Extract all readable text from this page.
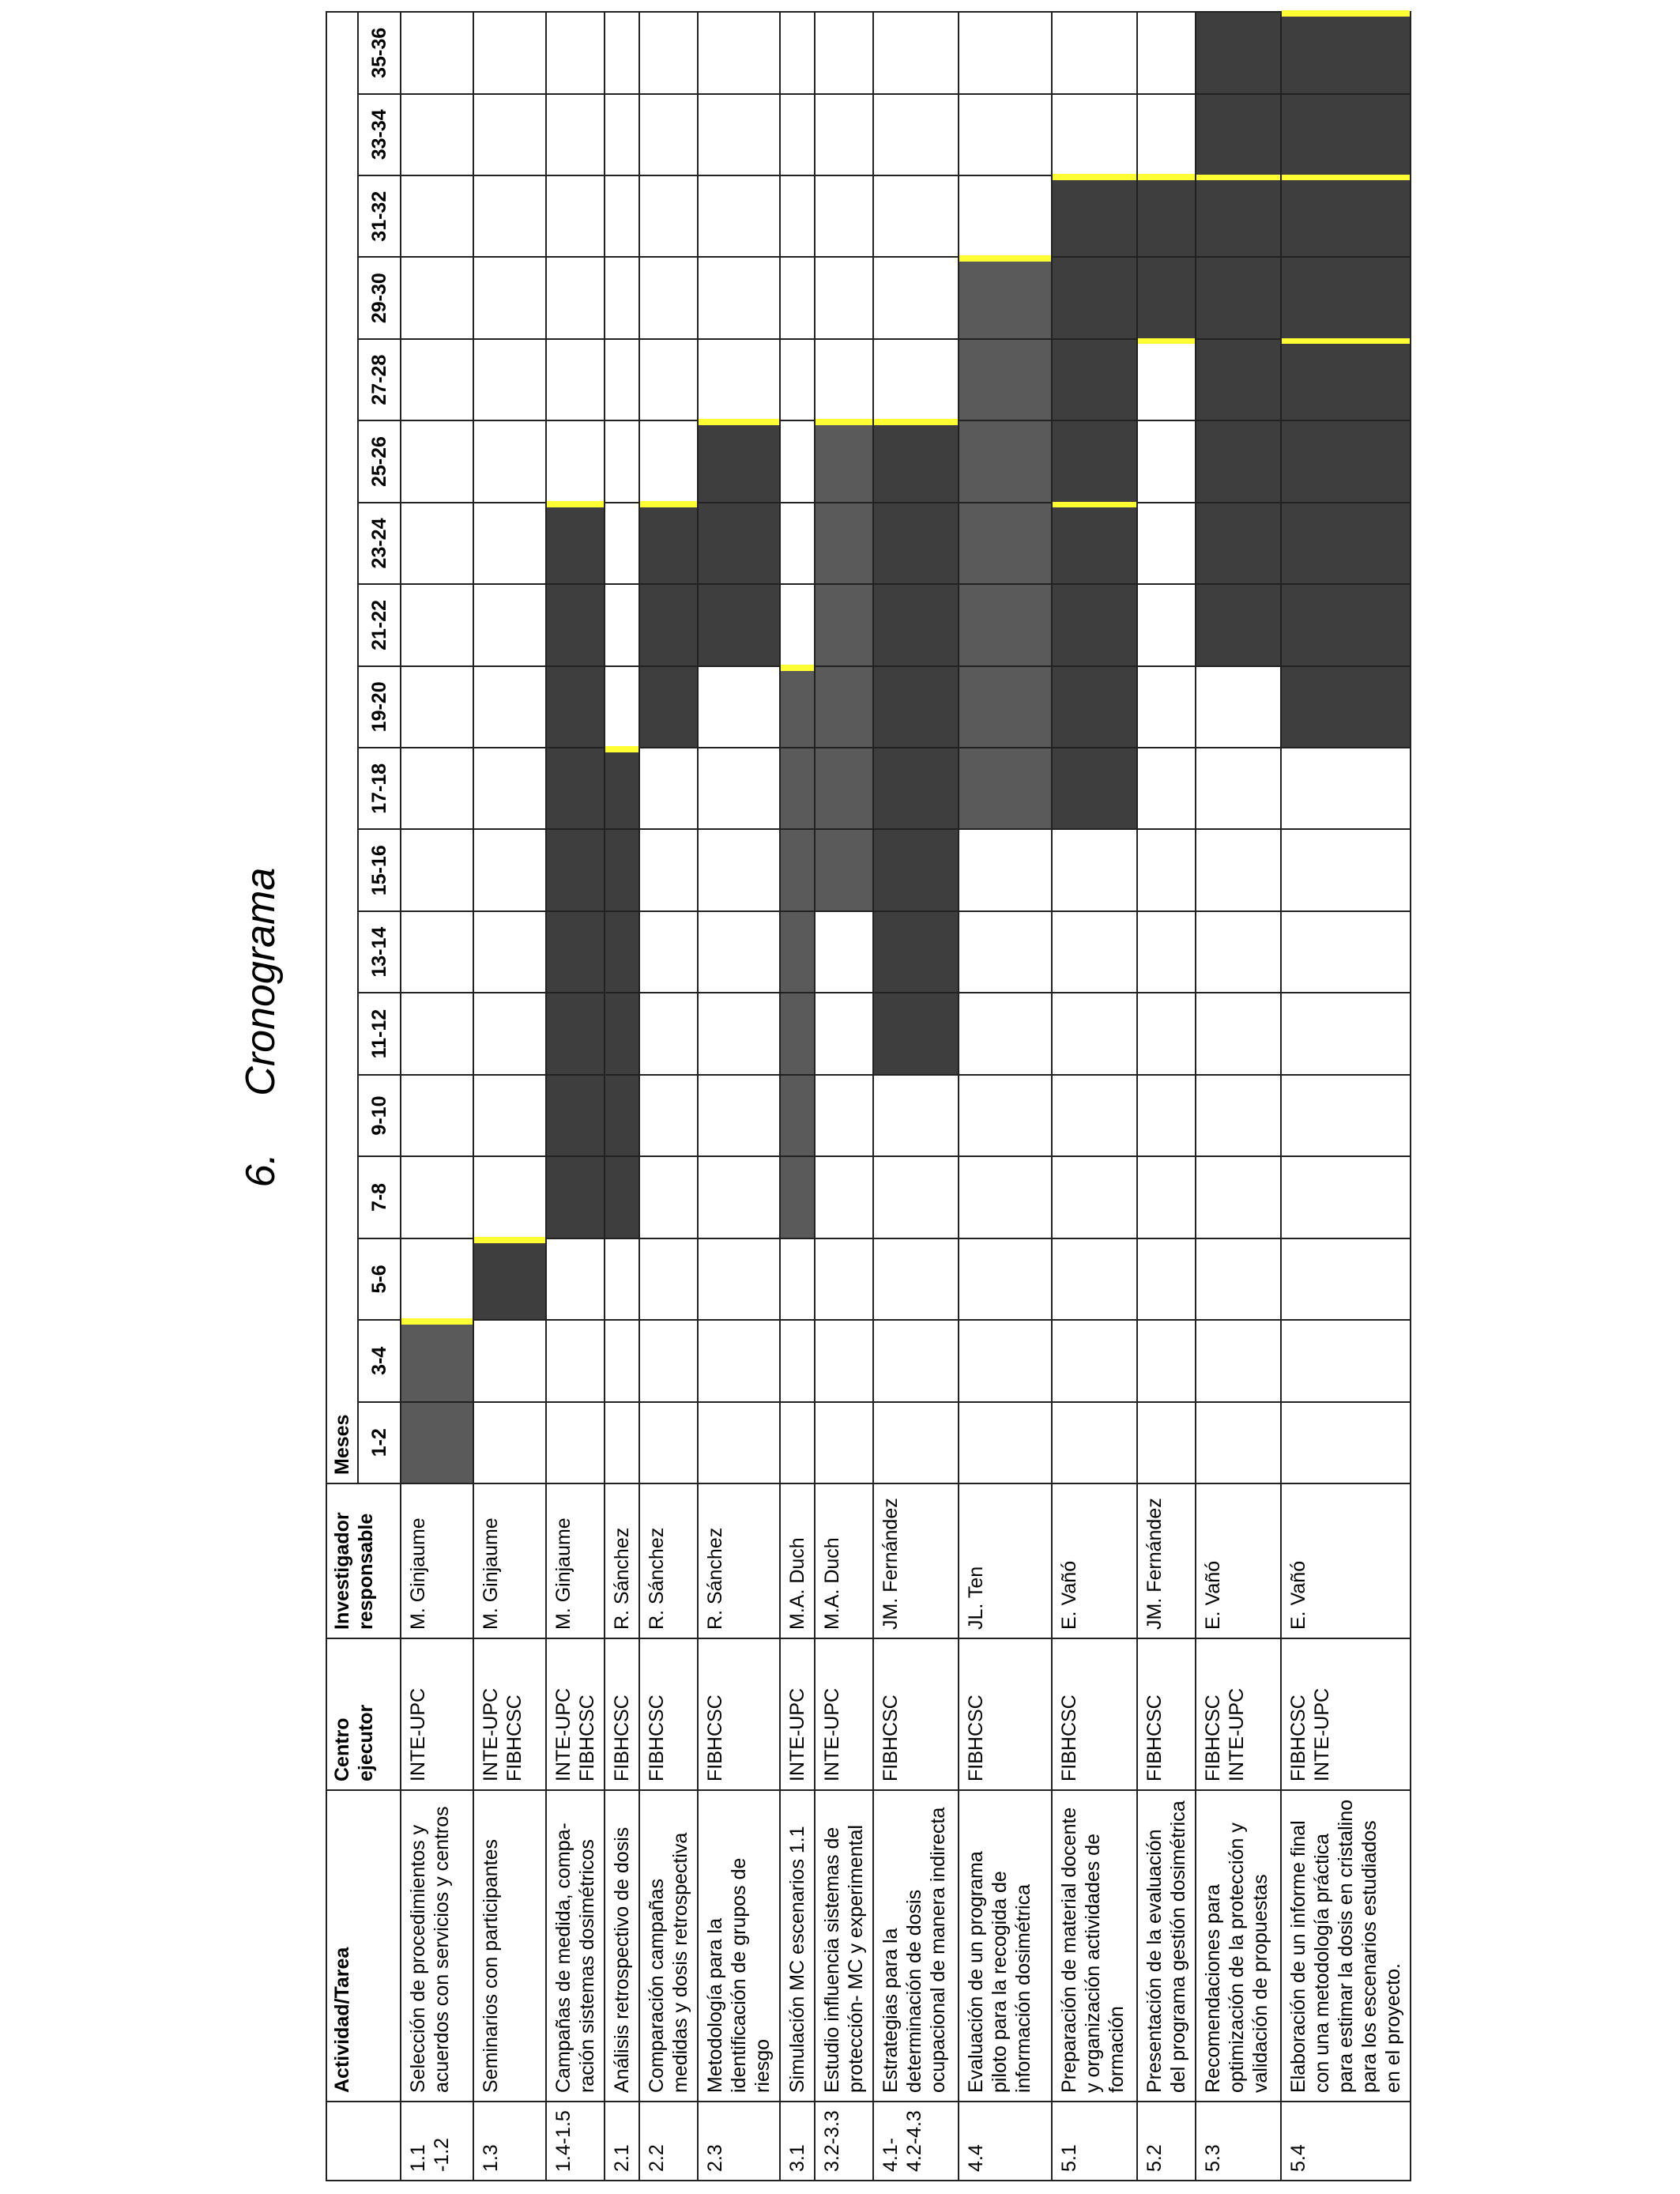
6.     Cronograma
	Actividad/Tarea	Centro ejecutor	Investigador responsable	Meses																	
				1-2	3-4	5-6	7-8	9-10	11-12	13-14	15-16	17-18	19-20	21-22	23-24	25-26	27-28	29-30	31-32	33-34	35-36
1.1 -1.2	Selección de procedimientos y acuerdos con servicios y centros	INTE-UPC	M. Ginjaume																		
1.3	Seminarios con participantes	INTE-UPC FIBHCSC	M. Ginjaume																		
1.4-1.5	Campañas de medida, compa-ración sistemas dosimétricos	INTE-UPC FIBHCSC	M. Ginjaume																		
2.1	Análisis retrospectivo de dosis	FIBHCSC	R. Sánchez																		
2.2	Comparación campañas medidas y dosis retrospectiva	FIBHCSC	R. Sánchez																		
2.3	Metodología para la identificación de grupos de riesgo	FIBHCSC	R. Sánchez																		
3.1	Simulación MC escenarios 1.1	INTE-UPC	M.A. Duch																		
3.2-3.3	Estudio influencia sistemas de protección- MC y experimental	INTE-UPC	M.A. Duch																		
4.1-4.2-4.3	Estrategias para la determinación de dosis ocupacional de manera indirecta	FIBHCSC	JM. Fernández																		
4.4	Evaluación de un programa piloto para la recogida de información dosimétrica	FIBHCSC	JL. Ten																		
5.1	Preparación de material docente y organización actividades de formación	FIBHCSC	E. Vañó																		
5.2	Presentación de la evaluación del programa gestión dosimétrica	FIBHCSC	JM. Fernández																		
5.3	Recomendaciones para optimización de la protección y validación de propuestas	FIBHCSC INTE-UPC	E. Vañó																		
5.4	Elaboración de un informe final con una metodología práctica para estimar la dosis en cristalino para los escenarios estudiados en el proyecto.	FIBHCSC INTE-UPC	E. Vañó																		
